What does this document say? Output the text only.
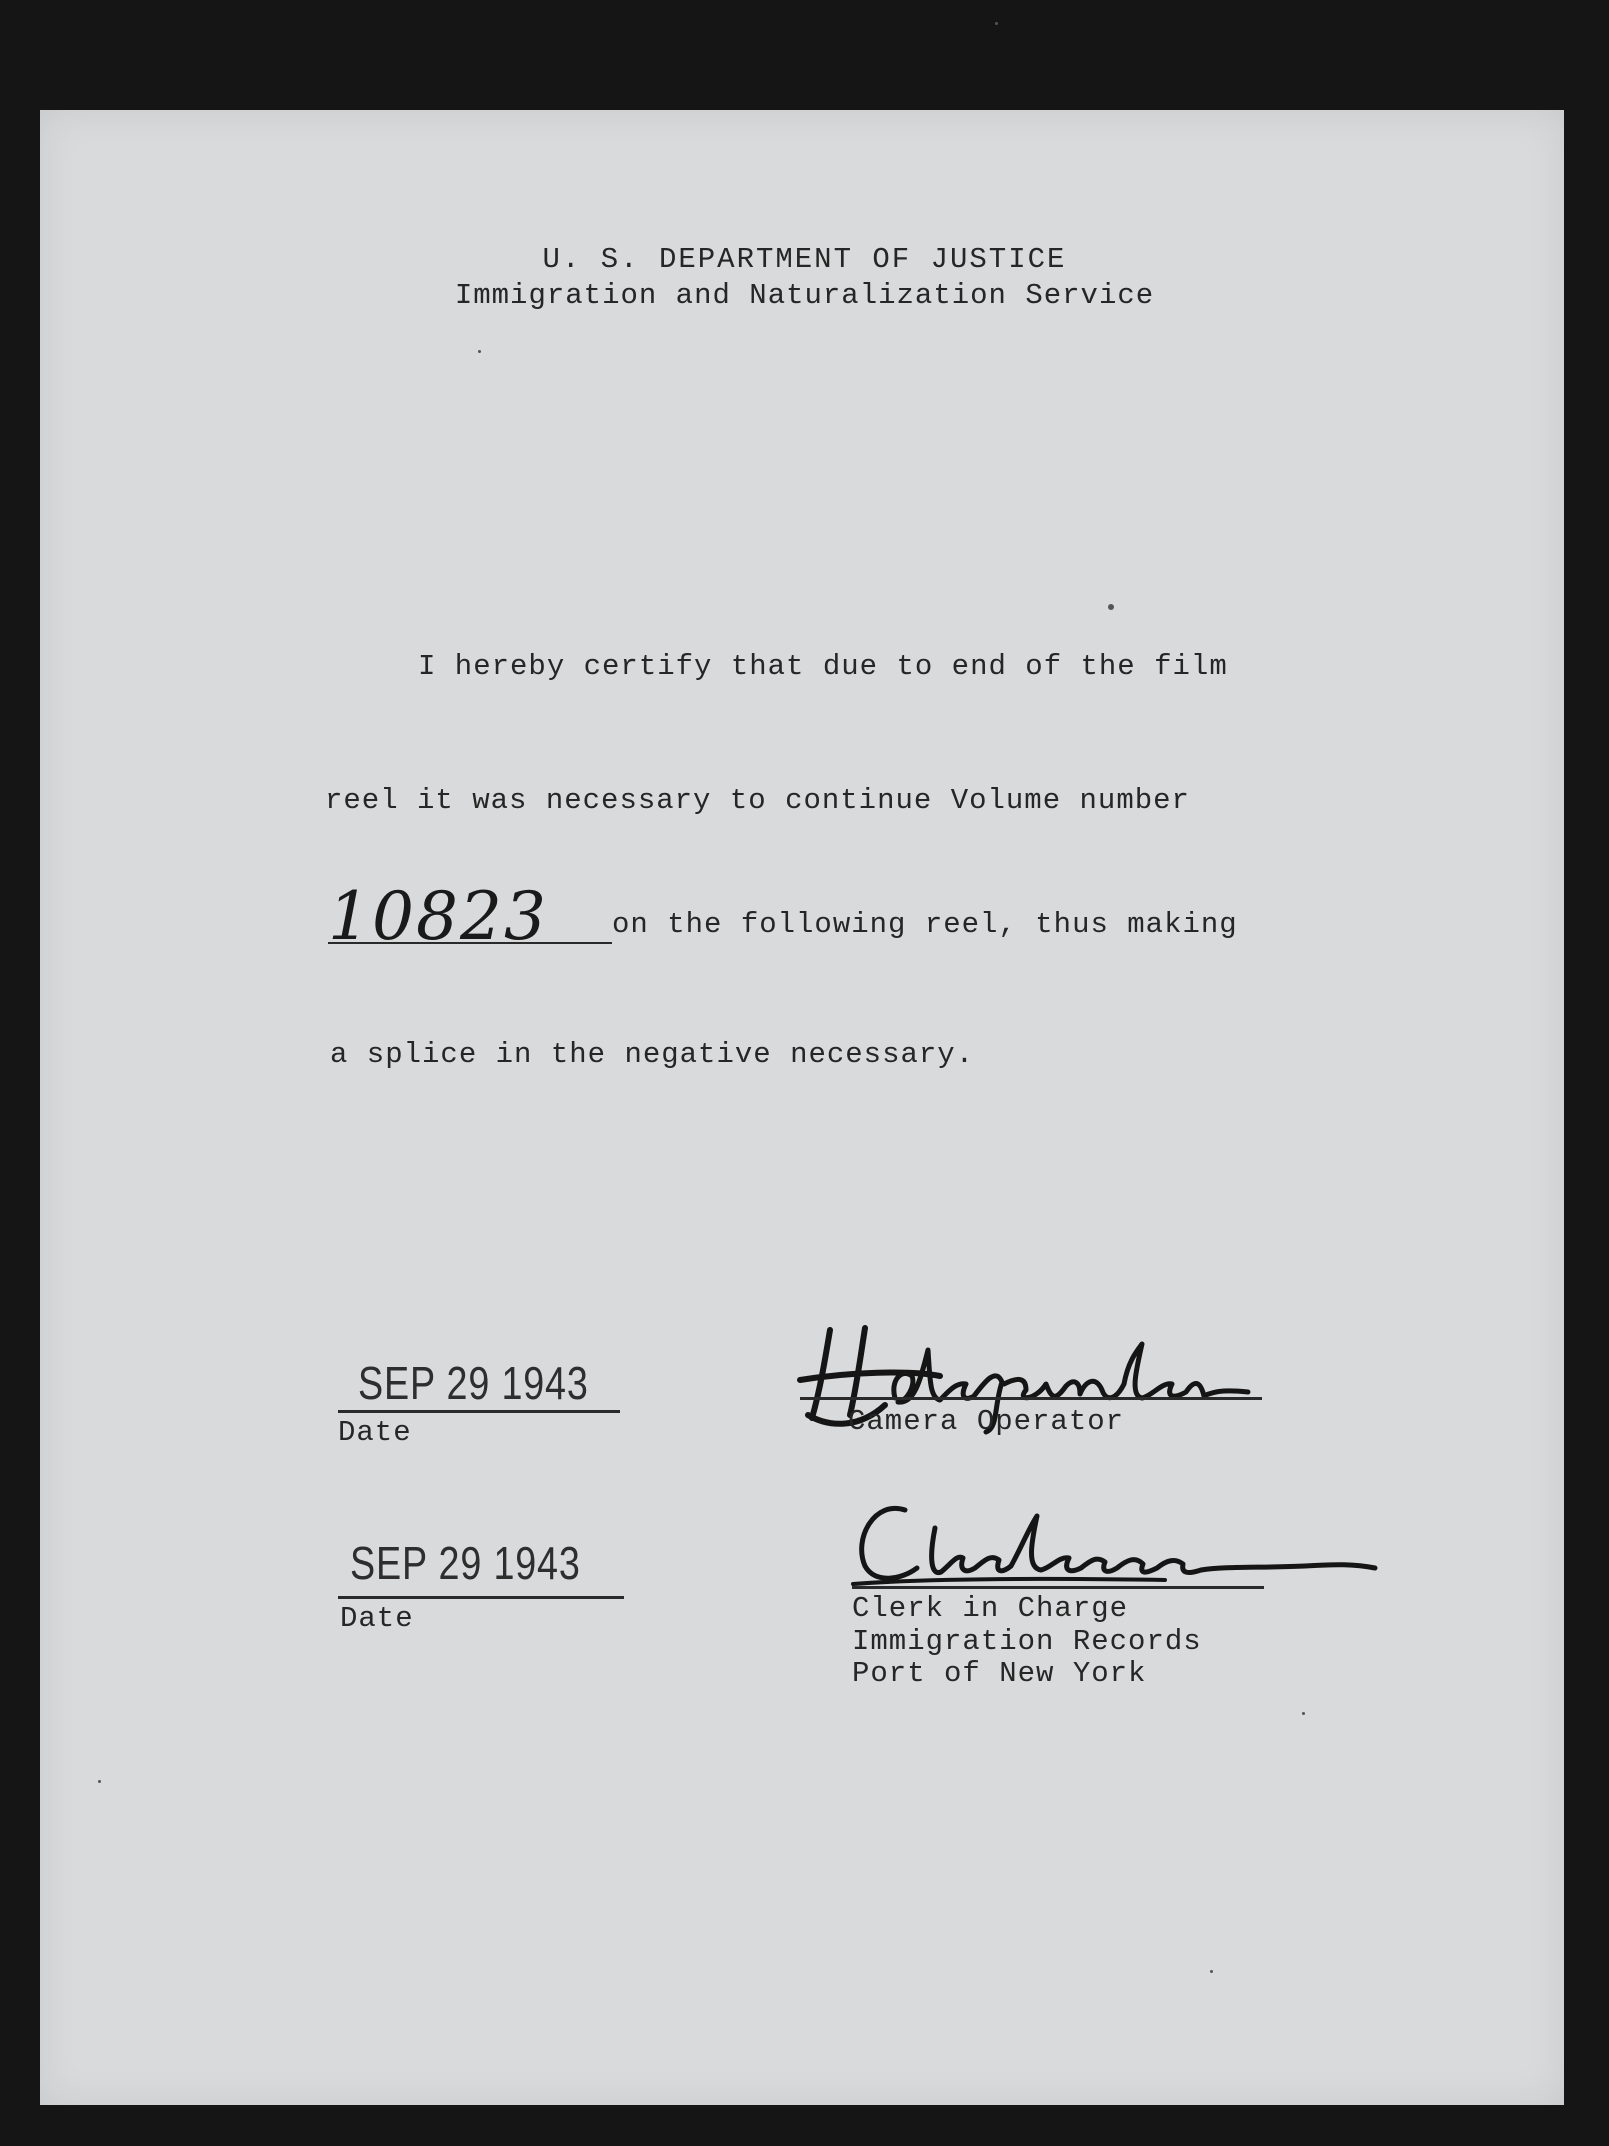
U. S. DEPARTMENT OF JUSTICE
Immigration and Naturalization Service
I hereby certify that due to end of the film
reel it was necessary to continue Volume number
10823 on the following reel, thus making
a splice in the negative necessary.
SEP 29 1943
Date	Camera Operator
SEP 29 1943
Date	Clerk in Charge
Immigration Records
Port of New York
